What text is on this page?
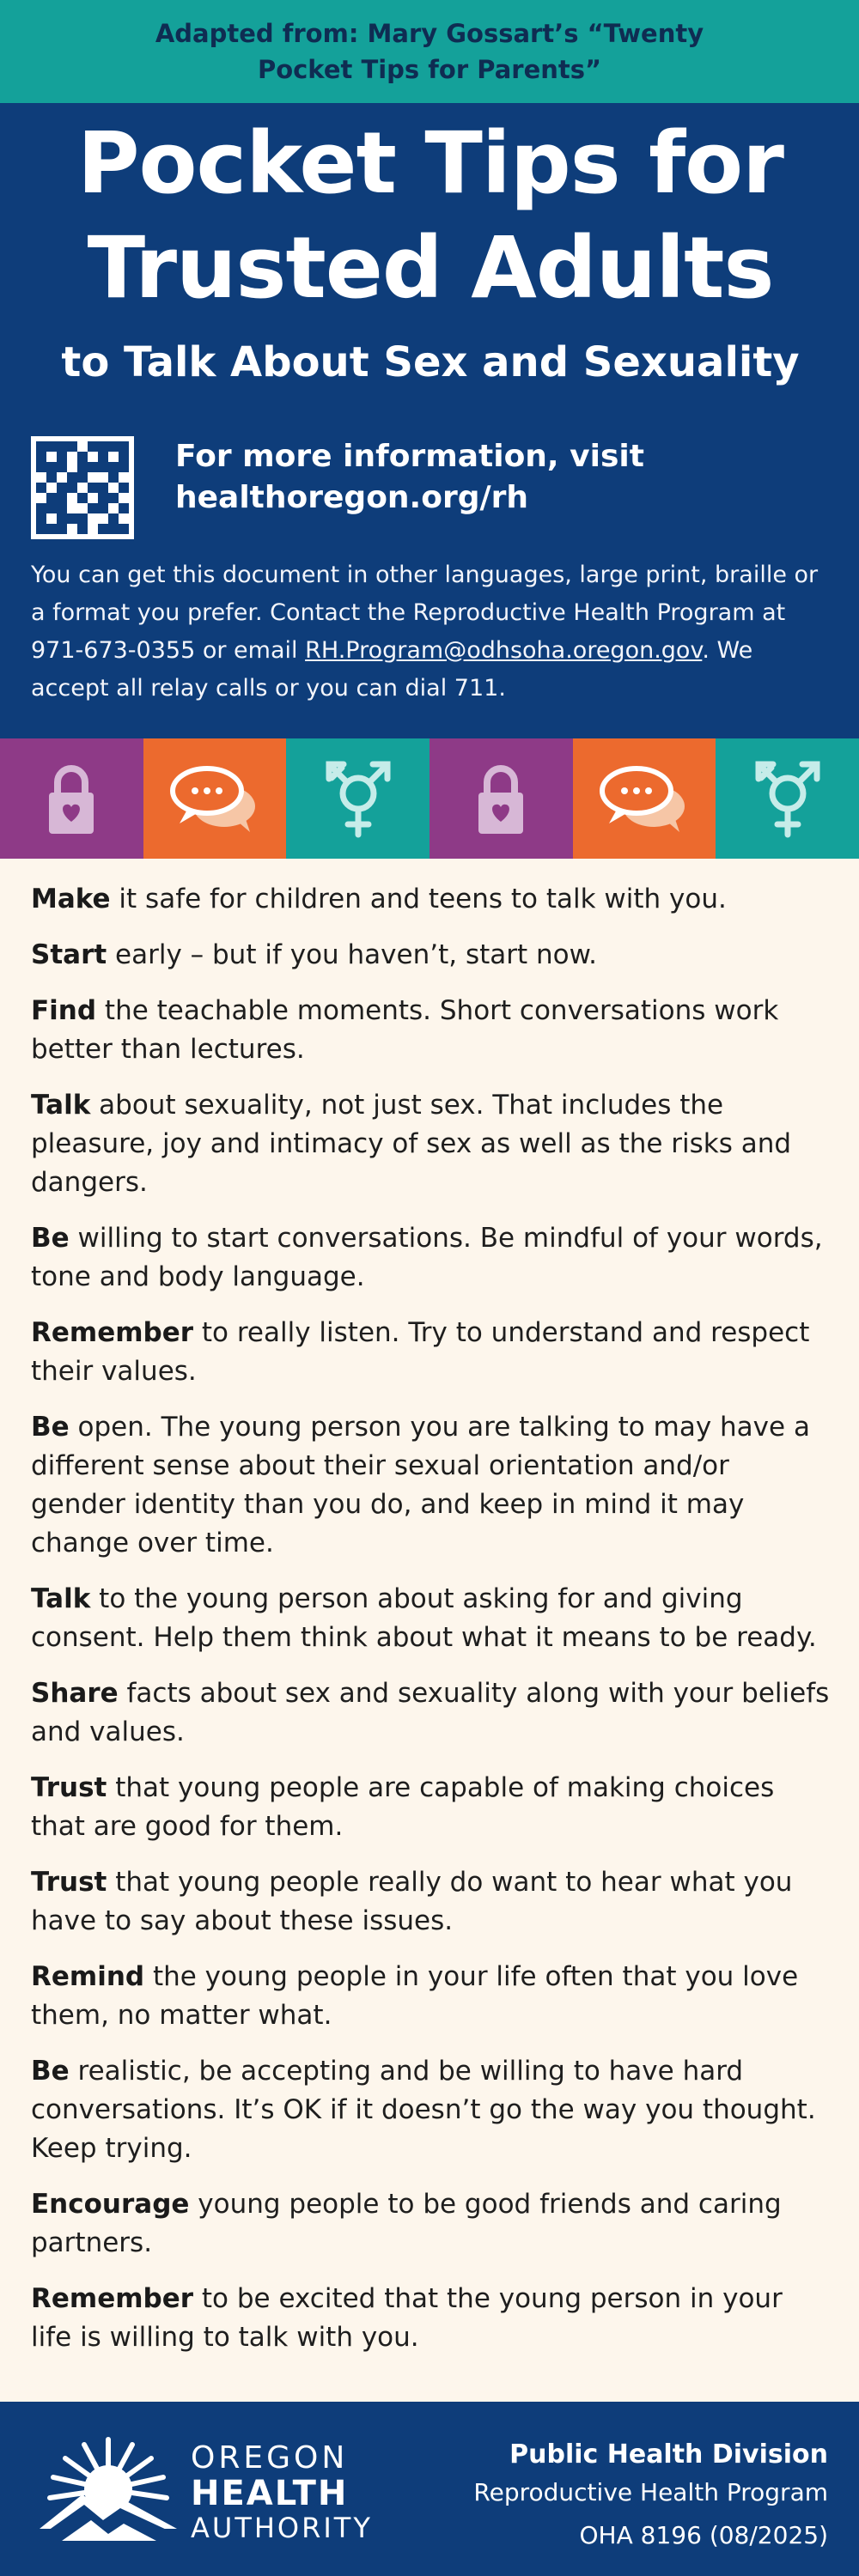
Adapted from: Mary Gossart’s “Twenty
Pocket Tips for Parents”
Pocket Tips for
Trusted Adults
to Talk About Sex and Sexuality
For more information, visit
healthoregon.org/rh
You can get this document in other languages, large print, braille or a format you prefer. Contact the Reproductive Health Program at 971-673-0355 or email RH.Program@odhsoha.oregon.gov. We accept all relay calls or you can dial 711.

Make it safe for children and teens to talk with you.

Start early – but if you haven’t, start now.

Find the teachable moments. Short conversations work better than lectures.

Talk about sexuality, not just sex. That includes the pleasure, joy and intimacy of sex as well as the risks and dangers.

Be willing to start conversations. Be mindful of your words, tone and body language.

Remember to really listen. Try to understand and respect their values.

Be open. The young person you are talking to may have a different sense about their sexual orientation and/or gender identity than you do, and keep in mind it may change over time.

Talk to the young person about asking for and giving consent. Help them think about what it means to be ready.

Share facts about sex and sexuality along with your beliefs and values.

Trust that young people are capable of making choices that are good for them.

Trust that young people really do want to hear what you have to say about these issues.

Remind the young people in your life often that you love them, no matter what.

Be realistic, be accepting and be willing to have hard conversations. It’s OK if it doesn’t go the way you thought. Keep trying.

Encourage young people to be good friends and caring partners.

Remember to be excited that the young person in your life is willing to talk with you.

OREGON
HEALTH
AUTHORITY
Public Health Division
Reproductive Health Program
OHA 8196 (08/2025)
